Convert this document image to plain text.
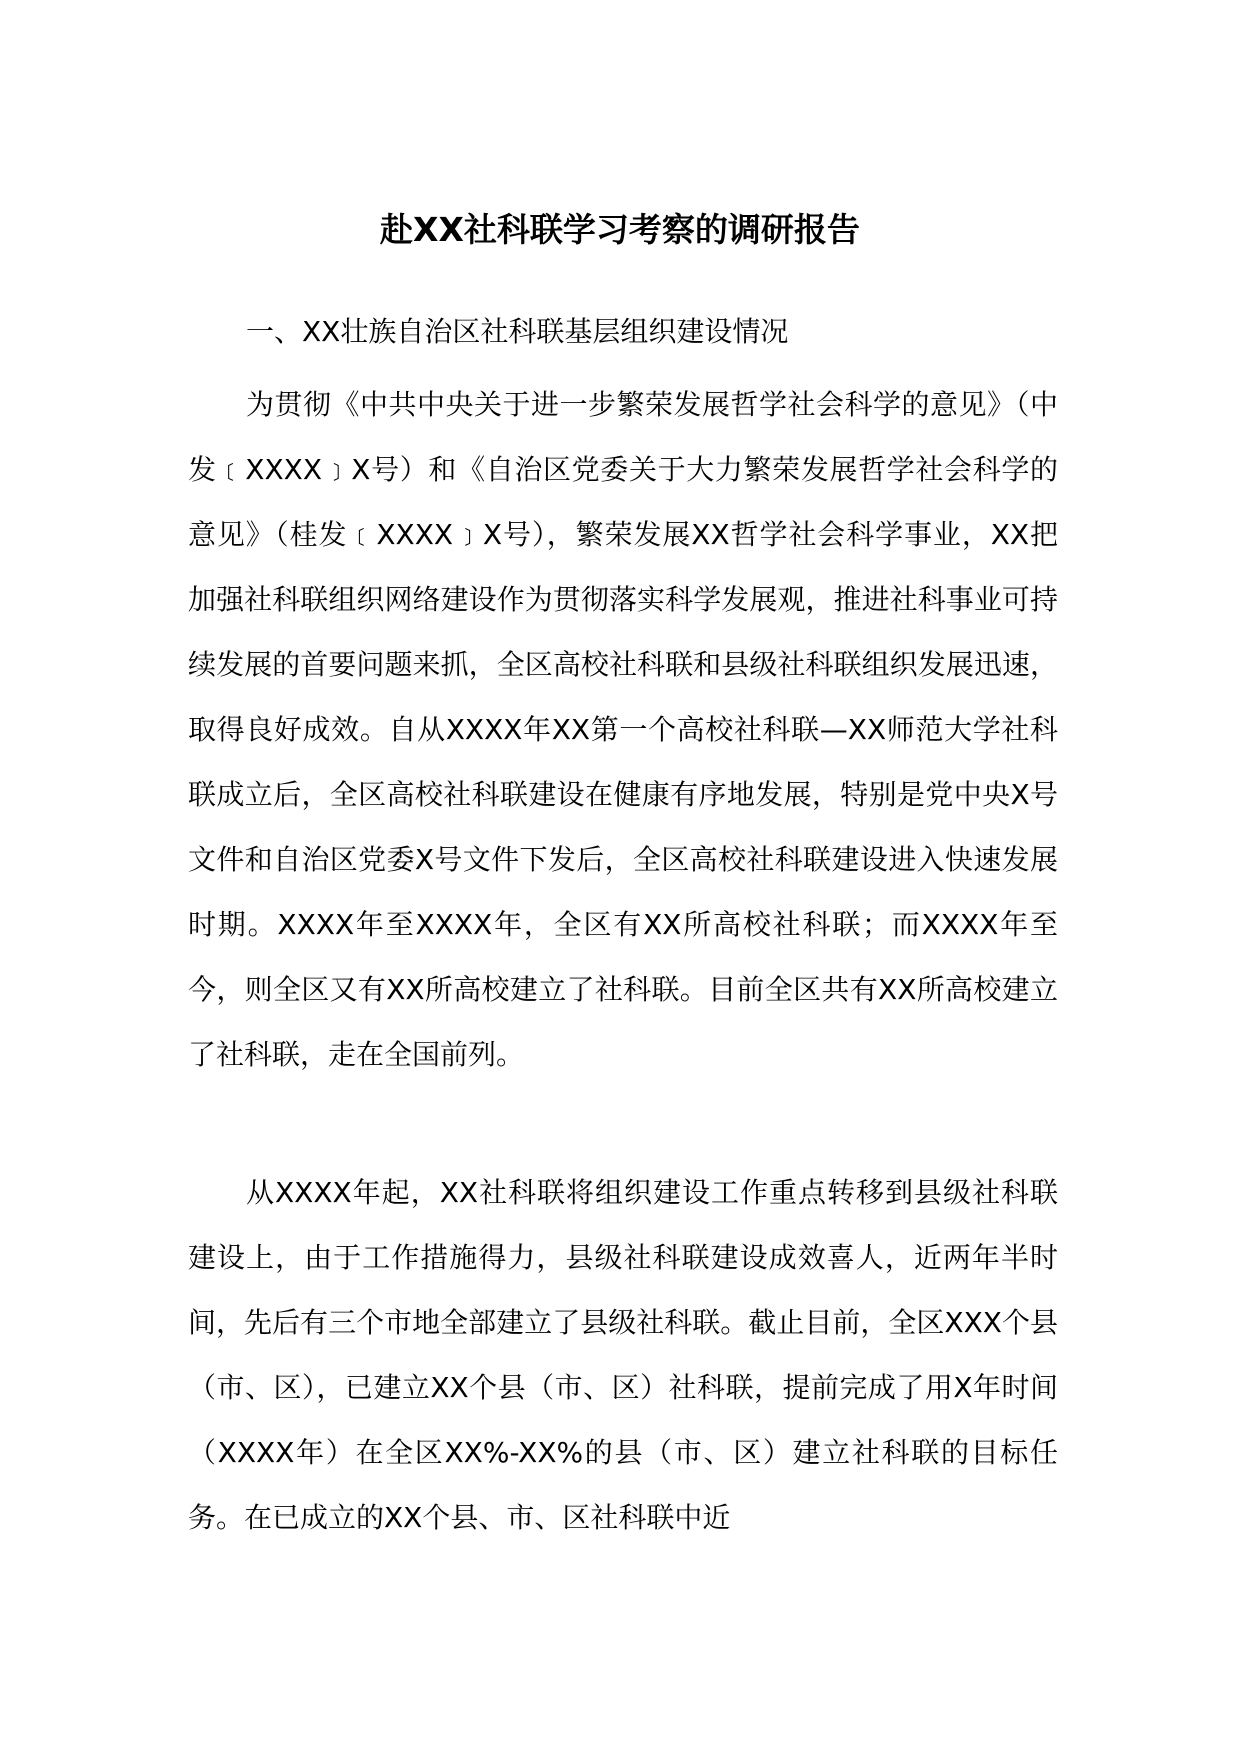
赴XX社科联学习考察的调研报告
一、XX壮族自治区社科联基层组织建设情况
为贯彻《中共中央关于进一步繁荣发展哲学社会科学的意见》（中发﹝XXXX﹞X号）和《自治区党委关于大力繁荣发展哲学社会科学的意见》（桂发﹝XXXX﹞X号），繁荣发展XX哲学社会科学事业，XX把加强社科联组织网络建设作为贯彻落实科学发展观，推进社科事业可持续发展的首要问题来抓，全区高校社科联和县级社科联组织发展迅速，取得良好成效。自从XXXX年XX第一个高校社科联—XX师范大学社科联成立后，全区高校社科联建设在健康有序地发展，特别是党中央X号文件和自治区党委X号文件下发后，全区高校社科联建设进入快速发展时期。XXXX年至XXXX年，全区有XX所高校社科联；而XXXX年至今，则全区又有XX所高校建立了社科联。目前全区共有XX所高校建立了社科联，走在全国前列。
从XXXX年起，XX社科联将组织建设工作重点转移到县级社科联建设上，由于工作措施得力，县级社科联建设成效喜人，近两年半时间，先后有三个市地全部建立了县级社科联。截止目前，全区XXX个县（市、区），已建立XX个县（市、区）社科联，提前完成了用X年时间（XXXX年）在全区XX%-XX%的县（市、区）建立社科联的目标任务。在已成立的XX个县、市、区社科联中近
